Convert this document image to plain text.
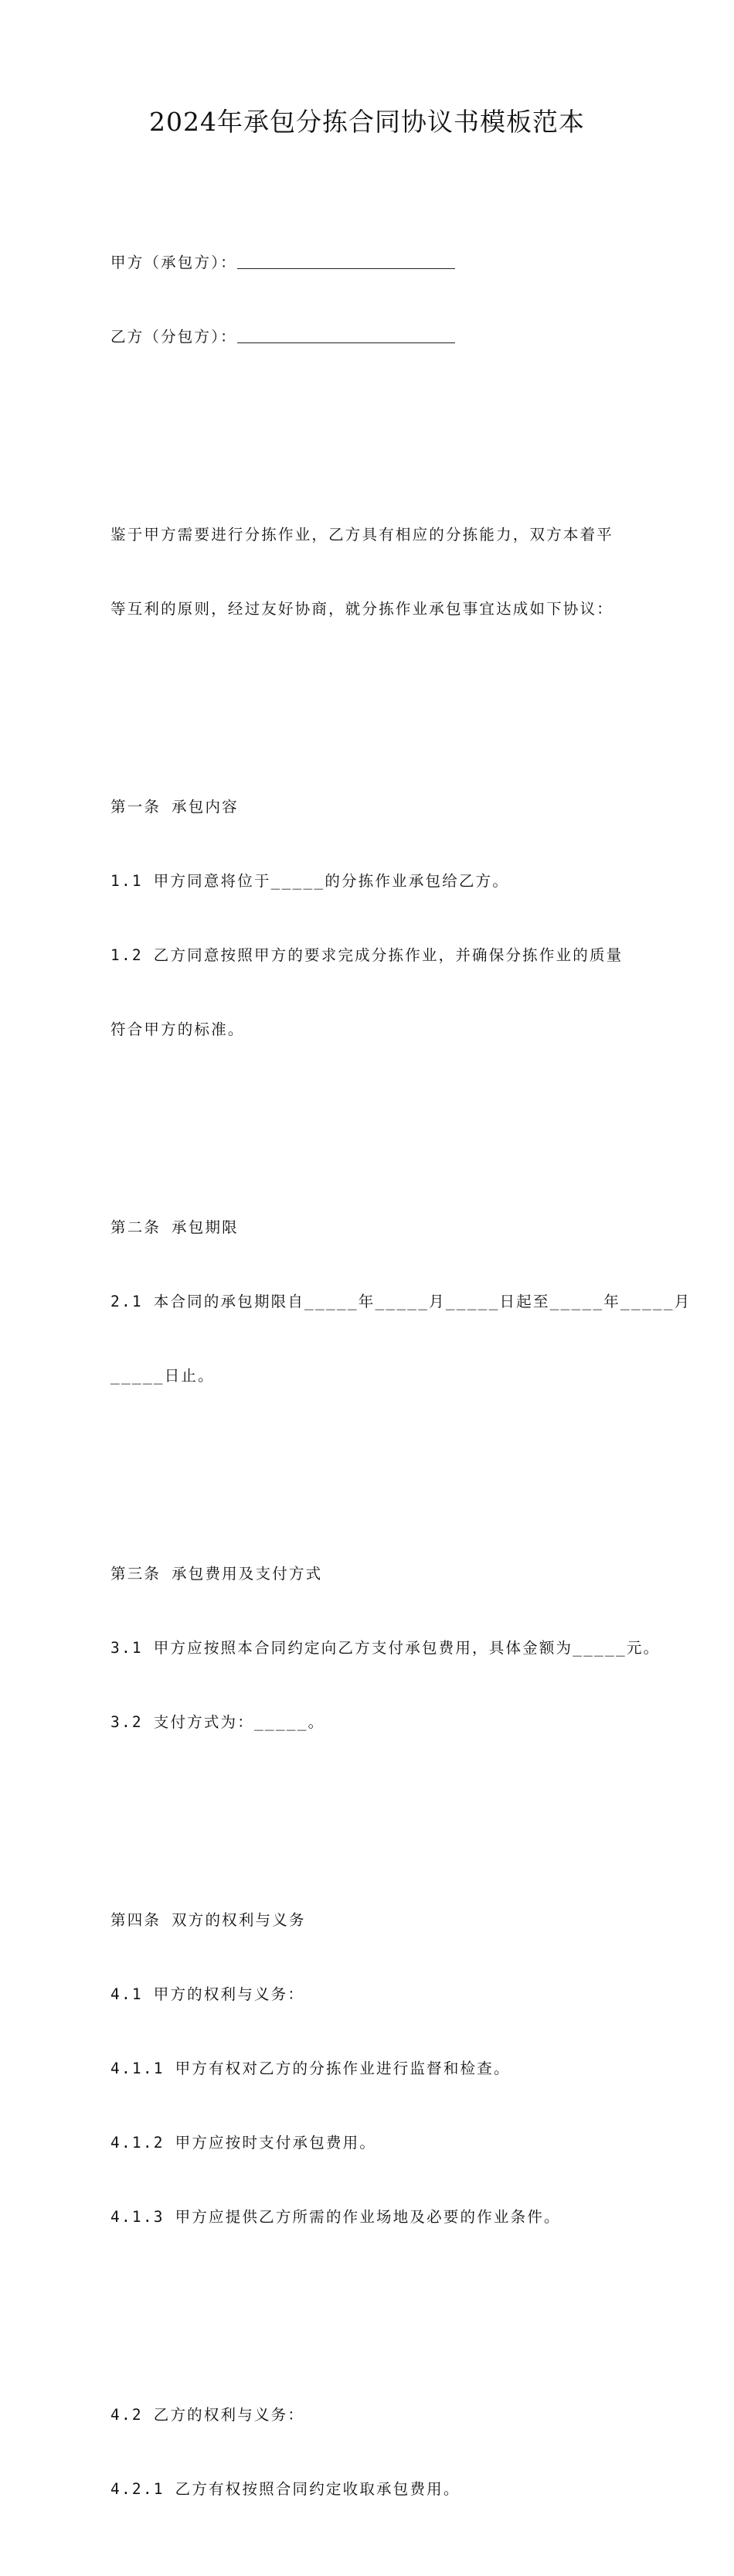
2024年承包分拣合同协议书模板范本

甲方（承包方）：

乙方（分包方）：

鉴于甲方需要进行分拣作业，乙方具有相应的分拣能力，双方本着平

等互利的原则，经过友好协商，就分拣作业承包事宜达成如下协议：

第一条 承包内容

1.1 甲方同意将位于_____的分拣作业承包给乙方。

1.2 乙方同意按照甲方的要求完成分拣作业，并确保分拣作业的质量

符合甲方的标准。

第二条 承包期限

2.1 本合同的承包期限自_____年_____月_____日起至_____年_____月

_____日止。

第三条 承包费用及支付方式

3.1 甲方应按照本合同约定向乙方支付承包费用，具体金额为_____元。

3.2 支付方式为：_____。

第四条 双方的权利与义务

4.1 甲方的权利与义务：

4.1.1 甲方有权对乙方的分拣作业进行监督和检查。

4.1.2 甲方应按时支付承包费用。

4.1.3 甲方应提供乙方所需的作业场地及必要的作业条件。

4.2 乙方的权利与义务：

4.2.1 乙方有权按照合同约定收取承包费用。
